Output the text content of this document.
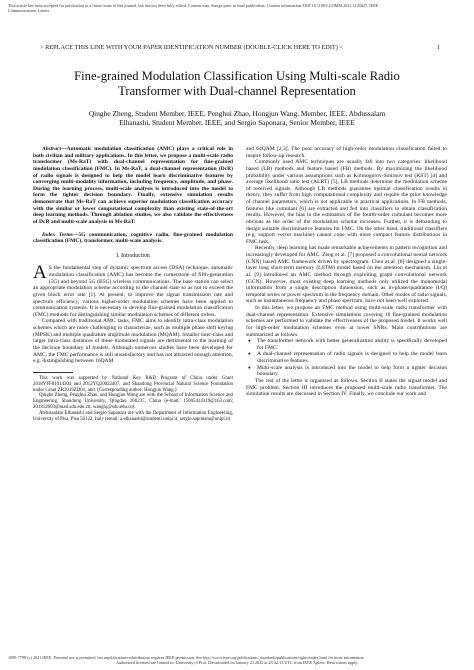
This article has been accepted for publication in a future issue of this journal, but has not been fully edited. Content may change prior to final publication. Citation information: DOI 10.1109/LCOMM.2022.3145647, IEEE
Communications Letters
> REPLACE THIS LINE WITH YOUR PAPER IDENTIFICATION NUMBER (DOUBLE-CLICK HERE TO EDIT) <	1
Fine-grained Modulation Classification Using Multi-scale Radio
Transformer with Dual-channel Representation
Qinghe Zheng, Student Member, IEEE, Penghui Zhao, Hongjun Wang, Member, IEEE, Abdussalam
Elhanashi, Student Member, IEEE, and Sergio Saponara, Senior Member, IEEE

Abstract—Automatic modulation classification (AMC) plays a critical role in both civilian and military applications. In this letter, we propose a multi-scale radio transformer (Ms-RaT) with dual-channel representation for fine-grained modulation classification (FMC). In Ms-RaT, a dual-channel representation (DcR) of radio signals is designed to help the model learn discriminative features by converging multi-modality information, including frequency, amplitude, and phase. During the learning process, multi-scale analysis is introduced into the model to form the tighter decision boundary. Finally, extensive simulation results demonstrate that Ms-RaT can achieve superior modulation classification accuracy with the similar or lower computational complexity than existing state-of-the-art deep learning methods. Through ablation studies, we also validate the effectiveness of DcR and multi-scale analysis in Ms-RaT.

Index Terms—5G communication, cognitive radio, fine-grained modulation classification (FMC), transformer, multi-scale analysis.

I. Introduction

A S the fundamental step of dynamic spectrum access (DSA) technique, automatic modulation classification (AMC) has become the cornerstone of fifth-generation (5G) and beyond 5G (B5G) wireless communications. The base station can select an appropriate modulation scheme according to the channel state so as not to exceed the given block error rate [1]. At present, to improve the signal transmission rate and spectrum efficiency, various higher-order modulation schemes have been applied to communication systems. It is necessary to develop fine-grained modulation classification (FMC) methods for distinguishing similar modulation schemes of different orders.

Compared with traditional AMC tasks, FMC aims to identify intra-class modulation schemes which are more challenging to characterize, such as multiple phase shift keying (MPSK) and multiple quadrature amplitude modulation (MQAM). Smaller inter-class and larger intra-class distances of these modulated signals are detrimental to the learning of the decision boundary of models. Although numerous studies have been developed for AMC, the FMC performance is still unsatisfactory and has not attracted enough attention, e.g. distinguishing between 16QAM

This work was supported by National Key R&D Program of China under Grant 2018YFF01014304 and 2012YQ20022407, and Shandong Provincial Natural Science Foundation under Grant ZR2019ZD01, and. (Corresponding author: Hongjun Wang.)

Qinghe Zheng, Penghui Zhao, and Hongjun Wang are with the School of Information Science and Engineering, Shandong University, Qingdao 266237, China (e-mail: 15005414319@163.com; 201812603@mail.sdu.edu.cn; wanghj@sdu.edu.cn).

Abdussalam Elhanashi and Sergio Saponara are with the Department of Information Engineering, University of Pisa, Pisa 56122, Italy (email: a.elhanashi@studenti.unipi.it; sergio.saponara@unipi.it)

and 64QAM [2,3]. The poor accuracy of high-order modulation classification failed to inspire follow-up research.

Commonly used AMC techniques are usually fall into two categories: likelihood based (LB) methods and feature based (FB) methods. By maximizing the likelihood probability under various assumptions such as Kolmogorov-Smirnov test (KST) [4] and average likelihood ratio test (ALRT) [5], LB methods determine the modulation scheme of received signals. Although LB methods guarantee optimal classification results in theory, they suffer from high computational complexity and require the prior knowledge of channel parameters, which is not applicable in practical applications. In FB methods, features like cumulant [6] are extracted and fed into classifiers to obtain classification results. However, the bias in the estimation of the fourth-order cumulant becomes more obvious as the order of the modulation scheme increases. Further, it is demanding to design suitable discriminative features for FMC. On the other hand, traditional classifiers (e.g. support vector machine) cannot cope with more compact feature distributions in FMC task.

Recently, deep learning has made remarkable achievements in pattern recognition and increasingly developed for AMC. Zeng et al. [7] proposed a convolutional neural network (CNN) based AMC framework driven by spectrogram. Chen et al. [8] designed a single-layer long short-term memory (LSTM) model based on the attention mechanism. Liu et al. [9] introduced an AMC method through exploiting graph convolutional network (GCN). However, most existing deep learning methods only utilized the monomodal information from a single description dimension, such as in-phase/quadrature (I/Q) temporal series or power spectrum in the frequency domain. Other modes of radio signals, such as instantaneous frequency and phase spectrum, have not been well explored.

In this letter, we propose an FMC method using multi-scale radio transformer with dual-channel representation. Extensive simulations covering 16 fine-grained modulation schemes are performed to validate the effectiveness of the proposed model. It works well for high-order modulation schemes even at lower SNRs. Main contributions are summarized as follows.

● The transformer network with better generalization ability is specifically developed for FMC.
● A dual-channel representation of radio signals is designed to help the model learn discriminative features.
● Multi-scale analysis is introduced into the model to help form a tighter decision boundary.

The rest of the letter is organized as follows. Section II states the signal model and FMC problem. Section III introduces the proposed multi-scale radio transformer. The simulation results are discussed in Section IV. Finally, we conclude our work and

1089-7798 (c) 2021 IEEE. Personal use is permitted, but republication/redistribution requires IEEE permission. See http://www.ieee.org/publications_standards/publications/rights/index.html for more information.
Authorized licensed use limited to: University of Pisa. Downloaded on January 23,2022 at 23:42:13 UTC from IEEE Xplore. Restrictions apply.
